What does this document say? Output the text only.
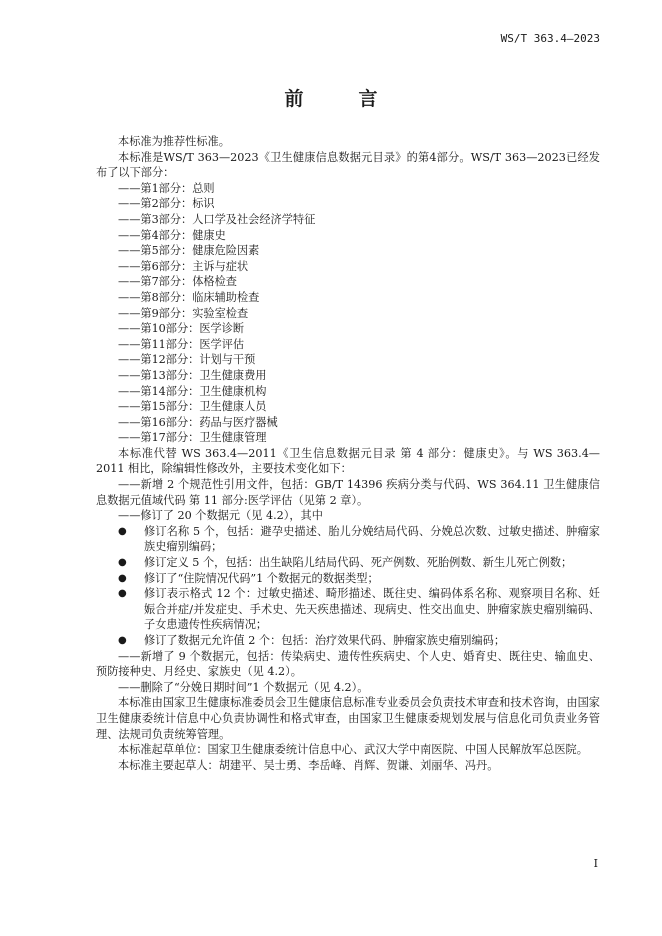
WS/T 363.4—2023
前　言

本标准为推荐性标准。

本标准是WS/T 363—2023《卫生健康信息数据元目录》的第4部分。WS/T 363—2023已经发布了以下部分：

——第1部分：总则

——第2部分：标识

——第3部分：人口学及社会经济学特征

——第4部分：健康史

——第5部分：健康危险因素

——第6部分：主诉与症状

——第7部分：体格检查

——第8部分：临床辅助检查

——第9部分：实验室检查

——第10部分：医学诊断

——第11部分：医学评估

——第12部分：计划与干预

——第13部分：卫生健康费用

——第14部分：卫生健康机构

——第15部分：卫生健康人员

——第16部分：药品与医疗器械

——第17部分：卫生健康管理

本标准代替 WS 363.4—2011《卫生信息数据元目录 第 4 部分：健康史》。与 WS 363.4—2011 相比，除编辑性修改外，主要技术变化如下：

——新增 2 个规范性引用文件，包括：GB/T 14396 疾病分类与代码、WS 364.11 卫生健康信息数据元值域代码 第 11 部分:医学评估（见第 2 章）。

——修订了 20 个数据元（见 4.2），其中

● 修订名称 5 个，包括：避孕史描述、胎儿分娩结局代码、分娩总次数、过敏史描述、肿瘤家族史瘤别编码；
● 修订定义 5 个，包括：出生缺陷儿结局代码、死产例数、死胎例数、新生儿死亡例数；
● 修订了“住院情况代码”1 个数据元的数据类型；
● 修订表示格式 12 个：过敏史描述、畸形描述、既往史、编码体系名称、观察项目名称、妊娠合并症/并发症史、手术史、先天疾患描述、现病史、性交出血史、肿瘤家族史瘤别编码、子女患遗传性疾病情况；
● 修订了数据元允许值 2 个：包括：治疗效果代码、肿瘤家族史瘤别编码；

——新增了 9 个数据元，包括：传染病史、遗传性疾病史、个人史、婚育史、既往史、输血史、预防接种史、月经史、家族史（见 4.2）。

——删除了“分娩日期时间”1 个数据元（见 4.2）。

本标准由国家卫生健康标准委员会卫生健康信息标准专业委员会负责技术审查和技术咨询，由国家卫生健康委统计信息中心负责协调性和格式审查，由国家卫生健康委规划发展与信息化司负责业务管理、法规司负责统筹管理。

本标准起草单位：国家卫生健康委统计信息中心、武汉大学中南医院、中国人民解放军总医院。

本标准主要起草人：胡建平、吴士勇、李岳峰、肖辉、贺谦、刘丽华、冯丹。

I
